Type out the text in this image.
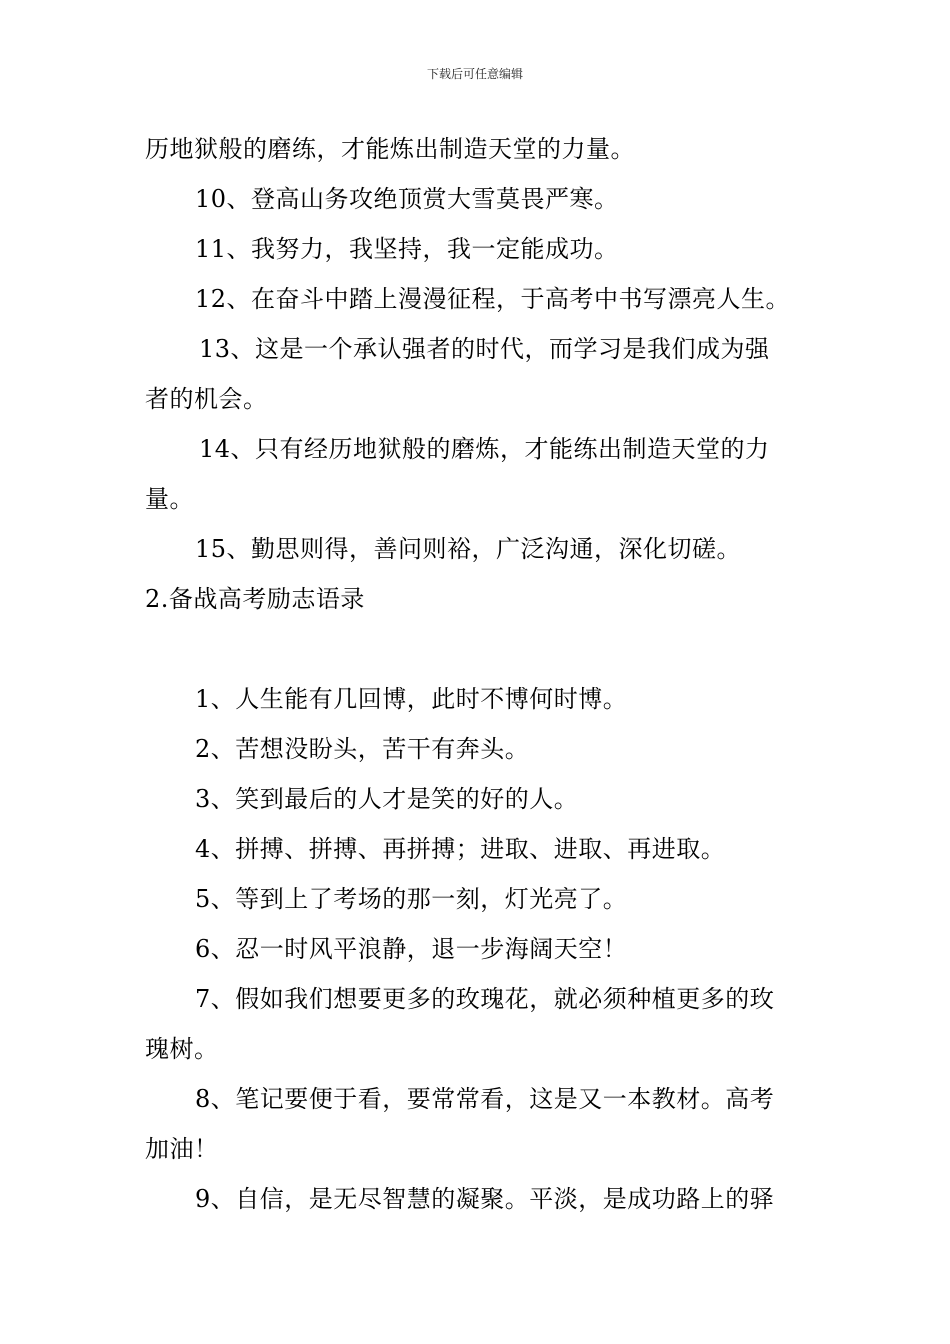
下载后可任意编辑
历地狱般的磨练，才能炼出制造天堂的力量。
10、登高山务攻绝顶赏大雪莫畏严寒。
11、我努力，我坚持，我一定能成功。
12、在奋斗中踏上漫漫征程，于高考中书写漂亮人生。
13、这是一个承认强者的时代，而学习是我们成为强
者的机会。
14、只有经历地狱般的磨炼，才能练出制造天堂的力
量。
15、勤思则得，善问则裕，广泛沟通，深化切磋。
2.备战高考励志语录
1、人生能有几回博，此时不博何时博。
2、苦想没盼头，苦干有奔头。
3、笑到最后的人才是笑的好的人。
4、拼搏、拼搏、再拼搏；进取、进取、再进取。
5、等到上了考场的那一刻，灯光亮了。
6、忍一时风平浪静，退一步海阔天空！
7、假如我们想要更多的玫瑰花，就必须种植更多的玫
瑰树。
8、笔记要便于看，要常常看，这是又一本教材。高考
加油！
9、自信，是无尽智慧的凝聚。平淡，是成功路上的驿
